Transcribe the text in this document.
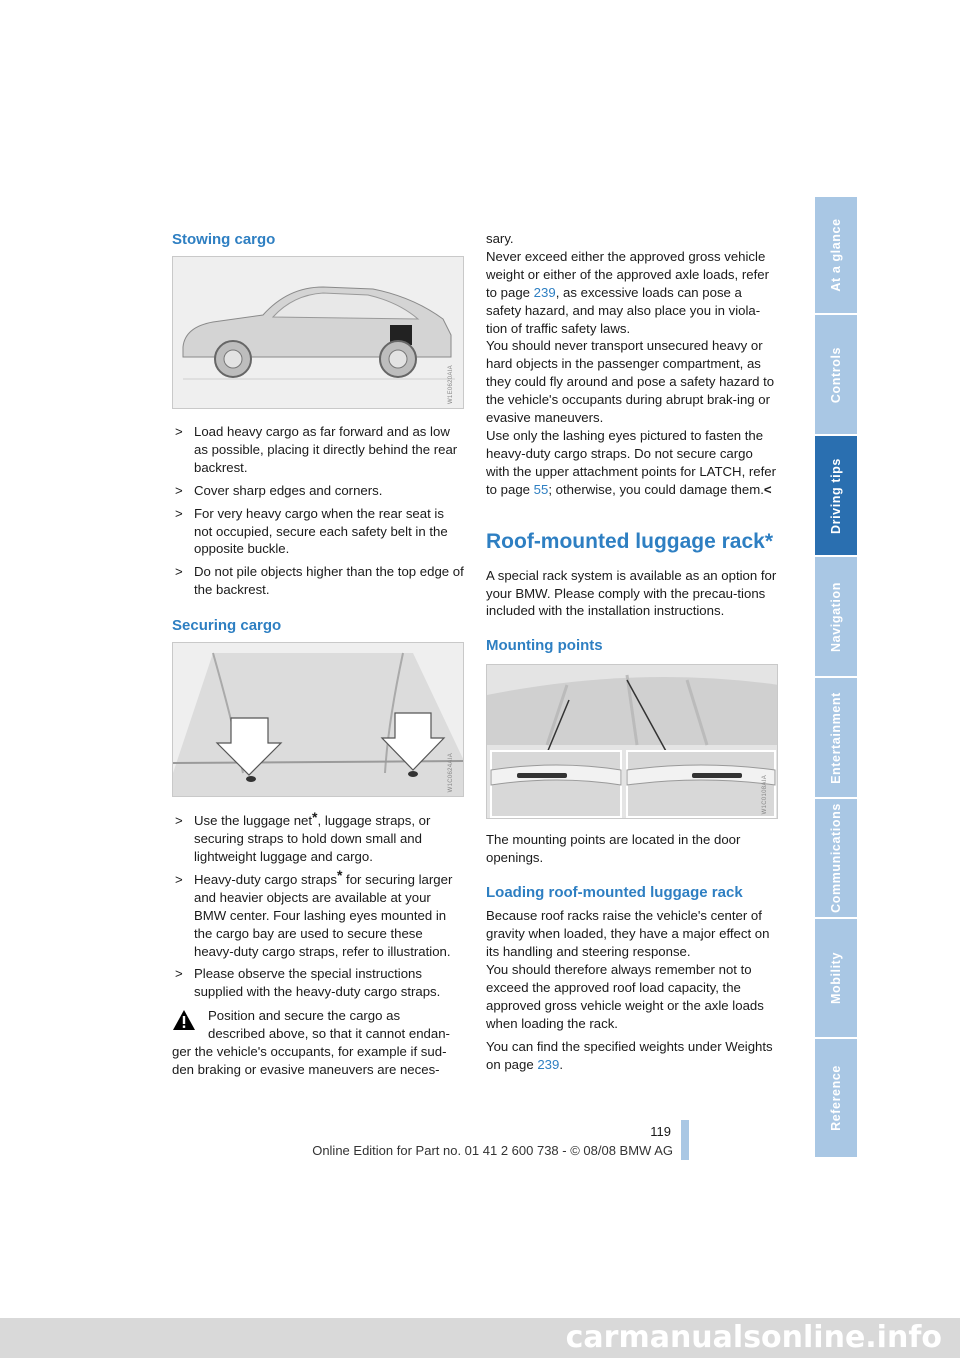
At a glance
Controls
Driving tips
Navigation
Entertainment
Communications
Mobility
Reference
Stowing cargo
W1E0620AIA
> Load heavy cargo as far forward and as low as possible, placing it directly behind the rear backrest.
> Cover sharp edges and corners.
> For very heavy cargo when the rear seat is not occupied, secure each safety belt in the opposite buckle.
> Do not pile objects higher than the top edge of the backrest.
Securing cargo
W1C0624AIA
> Use the luggage net*, luggage straps, or securing straps to hold down small and lightweight luggage and cargo.
> Heavy-duty cargo straps* for securing larger and heavier objects are available at your BMW center. Four lashing eyes mounted in the cargo bay are used to secure these heavy-duty cargo straps, refer to illustration.
> Please observe the special instructions supplied with the heavy-duty cargo straps.

Position and secure the cargo as

described above, so that it cannot endan-ger the vehicle's occupants, for example if sud-den braking or evasive maneuvers are neces-

sary.

Never exceed either the approved gross vehicle weight or either of the approved axle loads, refer to page 239, as excessive loads can pose a safety hazard, and may also place you in viola-tion of traffic safety laws.

You should never transport unsecured heavy or hard objects in the passenger compartment, as they could fly around and pose a safety hazard to the vehicle's occupants during abrupt brak-ing or evasive maneuvers.

Use only the lashing eyes pictured to fasten the heavy-duty cargo straps. Do not secure cargo with the upper attachment points for LATCH, refer to page 55; otherwise, you could damage them.<

Roof-mounted luggage rack*

A special rack system is available as an option for your BMW. Please comply with the precau-tions included with the installation instructions.

Mounting points
W1C0108AIA

The mounting points are located in the door openings.

Loading roof-mounted luggage rack

Because roof racks raise the vehicle's center of gravity when loaded, they have a major effect on its handling and steering response.

You should therefore always remember not to exceed the approved roof load capacity, the approved gross vehicle weight or the axle loads when loading the rack.

You can find the specified weights under Weights on page 239.

119
Online Edition for Part no. 01 41 2 600 738 - © 08/08 BMW AG
carmanualsonline.info
